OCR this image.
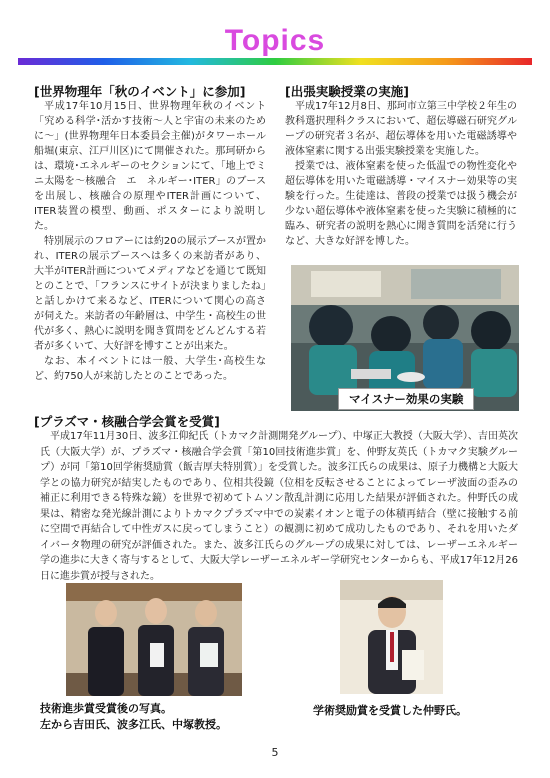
Topics
[世界物理年「秋のイベント」に参加]

平成17年10月15日、世界物理年秋のイベント「究める科学･活かす技術～人と宇宙の未来のために～」(世界物理年日本委員会主催)がタワーホール船堀(東京、江戸川区)にて開催された。那珂研からは、環境･エネルギーのセクションにて、「地上でミニ太陽を～核融合　エ　ネルギー･ITER」のブースを出展し、核融合の原理やITER計画について、ITER装置の模型、動画、ポスターにより説明した。

特別展示のフロアーには約20の展示ブースが置かれ、ITERの展示ブースへは多くの来訪者があり、大半がITER計画についてメディアなどを通じて既知とのことで、「フランスにサイトが決まりましたね」と話しかけて来るなど、ITERについて関心の高さが伺えた。来訪者の年齢層は、中学生・高校生の世代が多く、熱心に説明を聞き質問をどんどんする若者が多くいて、大好評を博すことが出来た。

なお、本イベントには一般、大学生･高校生など、約750人が来訪したとのことであった。

[出張実験授業の実施]

平成17年12月8日、那珂市立第三中学校２年生の教科選択理科クラスにおいて、超伝導磁石研究グループの研究者３名が、超伝導体を用いた電磁誘導や液体窒素に関する出張実験授業を実施した。

授業では、液体窒素を使った低温での物性変化や超伝導体を用いた電磁誘導・マイスナー効果等の実験を行った。生徒達は、普段の授業では扱う機会が少ない超伝導体や液体窒素を使った実験に積極的に臨み、研究者の説明を熱心に聞き質問を活発に行うなど、大きな好評を博した。

マイスナー効果の実験
[プラズマ・核融合学会賞を受賞]

平成17年11月30日、波多江仰紀氏（トカマク計測開発グループ）、中塚正大教授（大阪大学）、吉田英次氏（大阪大学）が、プラズマ・核融合学会賞「第10回技術進歩賞」を、仲野友英氏（トカマク実験グループ）が同「第10回学術奨励賞（飯吉厚夫特別賞）」を受賞した。波多江氏らの成果は、原子力機構と大阪大学との協力研究が結実したものであり、位相共役鏡（位相を反転させることによってレーザ波面の歪みの補正に利用できる特殊な鏡）を世界で初めてトムソン散乱計測に応用した結果が評価された。仲野氏の成果は、精密な発光線計測によりトカマクプラズマ中での炭素イオンと電子の体積再結合（壁に接触する前に空間で再結合して中性ガスに戻ってしまうこと）の観測に初めて成功したものであり、それを用いたダイバータ物理の研究が評価された。また、波多江氏らのグループの成果に対しては、レーザーエネルギー学の進歩に大きく寄与するとして、大阪大学レーザーエネルギー学研究センターからも、平成17年12月26日に進歩賞が授与された。

技術進歩賞受賞後の写真。
左から吉田氏、波多江氏、中塚教授。
学術奨励賞を受賞した仲野氏。
5
